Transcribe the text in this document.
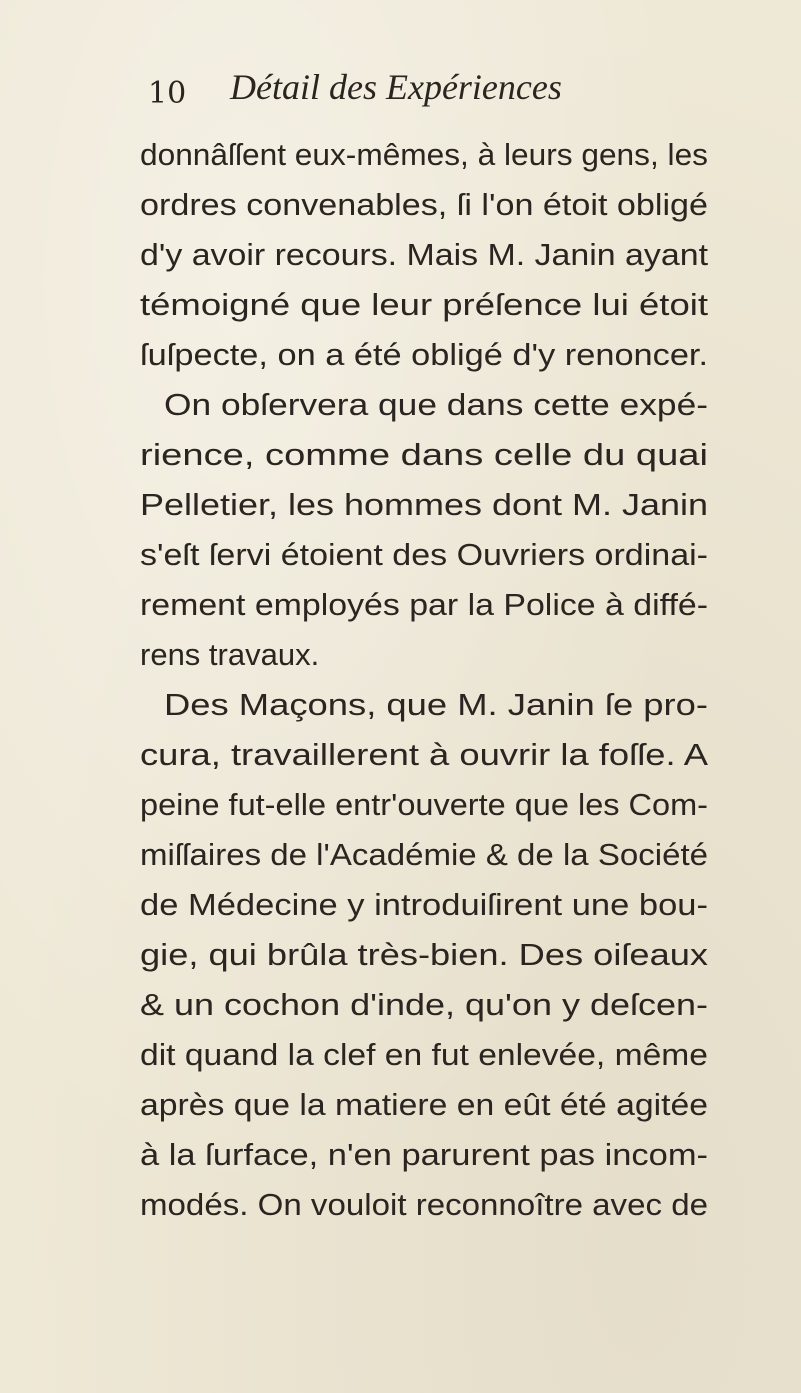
10 Détail des Expériences
donnâſſent eux-mêmes, à leurs gens, les
ordres convenables, ſi l'on étoit obligé
d'y avoir recours. Mais M. Janin ayant
témoigné que leur préſence lui étoit
ſuſpecte, on a été obligé d'y renoncer.
On obſervera que dans cette expé-
rience, comme dans celle du quai
Pelletier, les hommes dont M. Janin
s'eſt ſervi étoient des Ouvriers ordinai-
rement employés par la Police à diffé-
rens travaux.
Des Maçons, que M. Janin ſe pro-
cura, travaillerent à ouvrir la foſſe. A
peine fut-elle entr'ouverte que les Com-
miſſaires de l'Académie & de la Société
de Médecine y introduiſirent une bou-
gie, qui brûla très-bien. Des oiſeaux
& un cochon d'inde, qu'on y deſcen-
dit quand la clef en fut enlevée, même
après que la matiere en eût été agitée
à la ſurface, n'en parurent pas incom-
modés. On vouloit reconnoître avec de
